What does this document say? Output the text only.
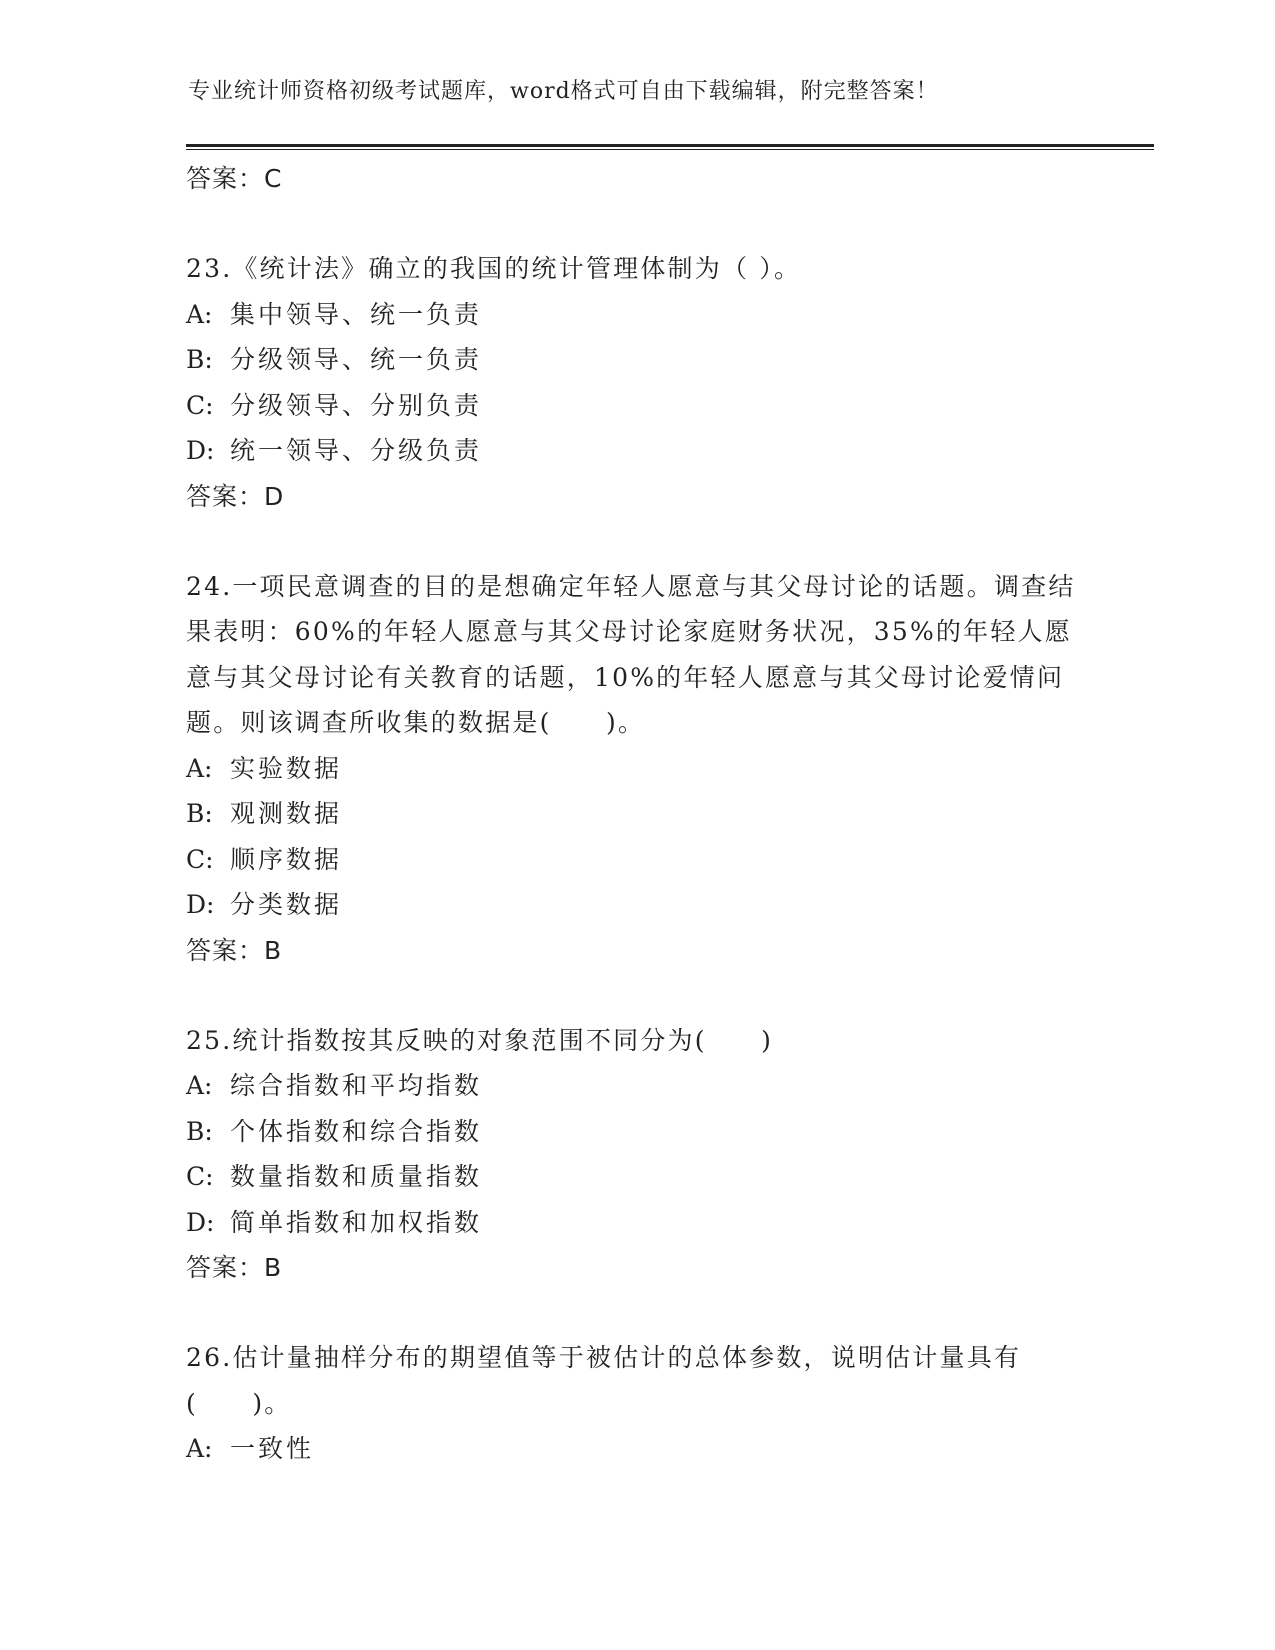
专业统计师资格初级考试题库，word格式可自由下载编辑，附完整答案！
答案：C
23.《统计法》确立的我国的统计管理体制为（ ）。
A: 集中领导、统一负责
B: 分级领导、统一负责
C: 分级领导、分别负责
D: 统一领导、分级负责
答案：D
24.一项民意调查的目的是想确定年轻人愿意与其父母讨论的话题。调查结果表明：60%的年轻人愿意与其父母讨论家庭财务状况，35%的年轻人愿意与其父母讨论有关教育的话题，10%的年轻人愿意与其父母讨论爱情问题。则该调查所收集的数据是(　　)。
A: 实验数据
B: 观测数据
C: 顺序数据
D: 分类数据
答案：B
25.统计指数按其反映的对象范围不同分为(　　)
A: 综合指数和平均指数
B: 个体指数和综合指数
C: 数量指数和质量指数
D: 简单指数和加权指数
答案：B
26.估计量抽样分布的期望值等于被估计的总体参数，说明估计量具有(　　)。
A: 一致性
